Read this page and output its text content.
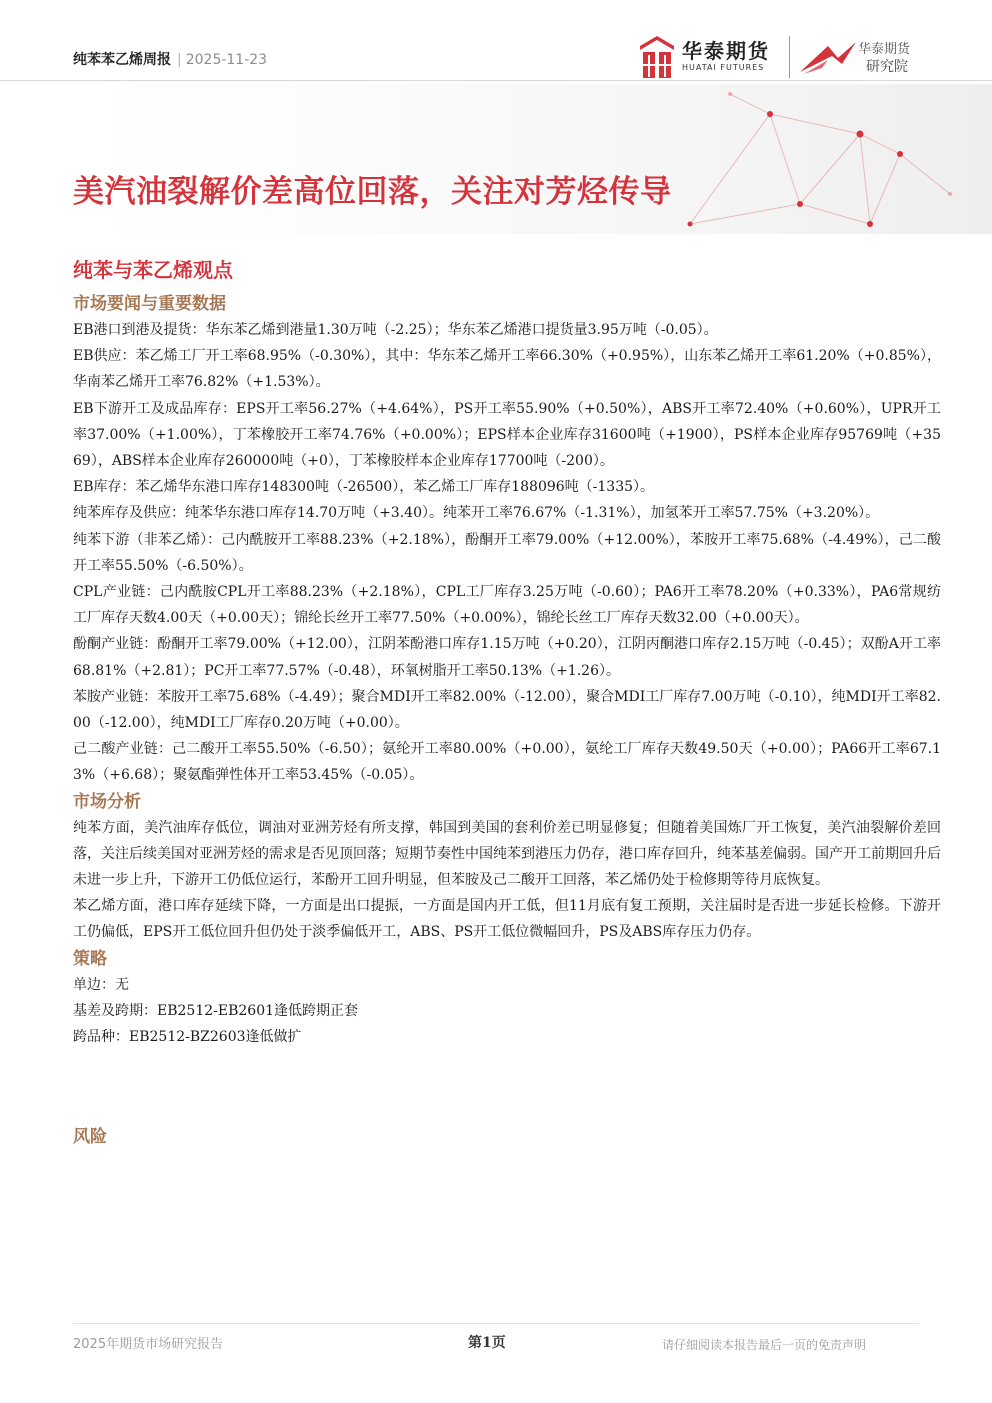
纯苯苯乙烯周报 | 2025-11-23	华泰期货
HUATAI FUTURES
华泰期货
研究院
美汽油裂解价差高位回落，关注对芳烃传导
纯苯与苯乙烯观点
市场要闻与重要数据

EB港口到港及提货：华东苯乙烯到港量1.30万吨（-2.25）；华东苯乙烯港口提货量3.95万吨（-0.05）。

EB供应：苯乙烯工厂开工率68.95%（-0.30%），其中：华东苯乙烯开工率66.30%（+0.95%），山东苯乙烯开工率61.20%（+0.85%），华南苯乙烯开工率76.82%（+1.53%）。

EB下游开工及成品库存：EPS开工率56.27%（+4.64%），PS开工率55.90%（+0.50%），ABS开工率72.40%（+0.60%），UPR开工率37.00%（+1.00%），丁苯橡胶开工率74.76%（+0.00%）；EPS样本企业库存31600吨（+1900），PS样本企业库存95769吨（+3569），ABS样本企业库存260000吨（+0），丁苯橡胶样本企业库存17700吨（-200）。

EB库存：苯乙烯华东港口库存148300吨（-26500），苯乙烯工厂库存188096吨（-1335）。

纯苯库存及供应：纯苯华东港口库存14.70万吨（+3.40）。纯苯开工率76.67%（-1.31%），加氢苯开工率57.75%（+3.20%）。

纯苯下游（非苯乙烯）：己内酰胺开工率88.23%（+2.18%），酚酮开工率79.00%（+12.00%），苯胺开工率75.68%（-4.49%），己二酸开工率55.50%（-6.50%）。

CPL产业链：己内酰胺CPL开工率88.23%（+2.18%），CPL工厂库存3.25万吨（-0.60）；PA6开工率78.20%（+0.33%），PA6常规纺工厂库存天数4.00天（+0.00天）；锦纶长丝开工率77.50%（+0.00%），锦纶长丝工厂库存天数32.00（+0.00天）。

酚酮产业链：酚酮开工率79.00%（+12.00），江阴苯酚港口库存1.15万吨（+0.20），江阴丙酮港口库存2.15万吨（-0.45）；双酚A开工率68.81%（+2.81）；PC开工率77.57%（-0.48），环氧树脂开工率50.13%（+1.26）。

苯胺产业链：苯胺开工率75.68%（-4.49）；聚合MDI开工率82.00%（-12.00），聚合MDI工厂库存7.00万吨（-0.10），纯MDI开工率82.00（-12.00），纯MDI工厂库存0.20万吨（+0.00）。

己二酸产业链：己二酸开工率55.50%（-6.50）；氨纶开工率80.00%（+0.00），氨纶工厂库存天数49.50天（+0.00）；PA66开工率67.13%（+6.68）；聚氨酯弹性体开工率53.45%（-0.05）。

市场分析

纯苯方面，美汽油库存低位，调油对亚洲芳烃有所支撑，韩国到美国的套利价差已明显修复；但随着美国炼厂开工恢复，美汽油裂解价差回落，关注后续美国对亚洲芳烃的需求是否见顶回落；短期节奏性中国纯苯到港压力仍存，港口库存回升，纯苯基差偏弱。国产开工前期回升后未进一步上升，下游开工仍低位运行，苯酚开工回升明显，但苯胺及己二酸开工回落，苯乙烯仍处于检修期等待月底恢复。

苯乙烯方面，港口库存延续下降，一方面是出口提振，一方面是国内开工低，但11月底有复工预期，关注届时是否进一步延长检修。下游开工仍偏低，EPS开工低位回升但仍处于淡季偏低开工，ABS、PS开工低位微幅回升，PS及ABS库存压力仍存。

策略

单边：无

基差及跨期：EB2512-EB2601逢低跨期正套

跨品种：EB2512-BZ2603逢低做扩

风险
2025年期货市场研究报告	第1页	请仔细阅读本报告最后一页的免责声明
